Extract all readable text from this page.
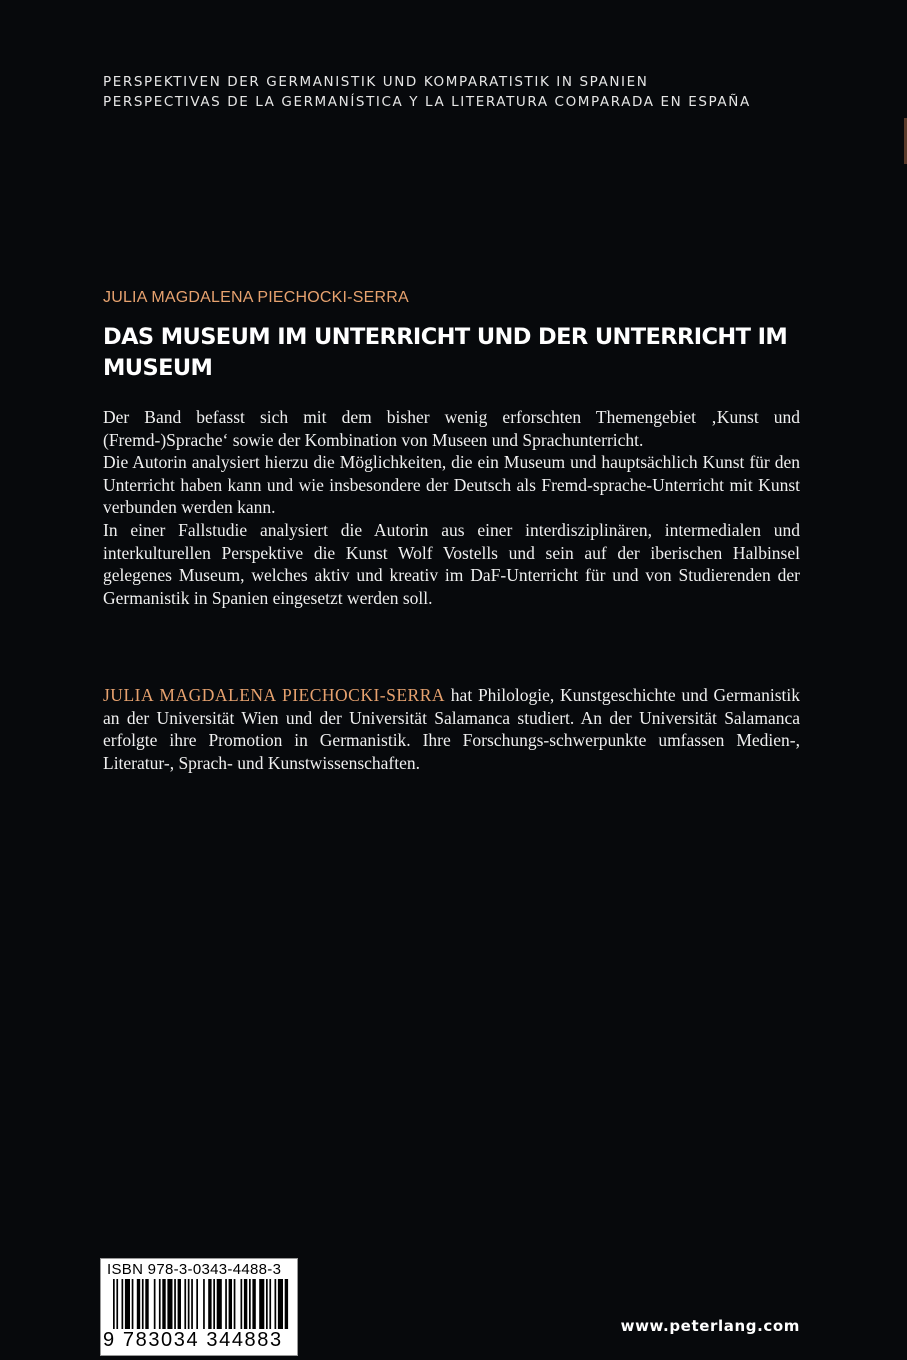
PERSPEKTIVEN DER GERMANISTIK UND KOMPARATISTIK IN SPANIEN
PERSPECTIVAS DE LA GERMANÍSTICA Y LA LITERATURA COMPARADA EN ESPAÑA
JULIA MAGDALENA PIECHOCKI-SERRA
DAS MUSEUM IM UNTERRICHT UND DER UNTERRICHT IM MUSEUM

Der Band befasst sich mit dem bisher wenig erforschten Themengebiet ‚Kunst und (Fremd-)Sprache‘ sowie der Kombination von Museen und Sprachunterricht.

Die Autorin analysiert hierzu die Möglichkeiten, die ein Museum und hauptsächlich Kunst für den Unterricht haben kann und wie insbesondere der Deutsch als Fremd-sprache-Unterricht mit Kunst verbunden werden kann.

In einer Fallstudie analysiert die Autorin aus einer interdisziplinären, intermedialen und interkulturellen Perspektive die Kunst Wolf Vostells und sein auf der iberischen Halbinsel gelegenes Museum, welches aktiv und kreativ im DaF-Unterricht für und von Studierenden der Germanistik in Spanien eingesetzt werden soll.

JULIA MAGDALENA PIECHOCKI-SERRA hat Philologie, Kunstgeschichte und Germanistik an der Universität Wien und der Universität Salamanca studiert. An der Universität Salamanca erfolgte ihre Promotion in Germanistik. Ihre Forschungs-schwerpunkte umfassen Medien-, Literatur-, Sprach- und Kunstwissenschaften.
ISBN 978-3-0343-4488-3
9 783034 344883
www.peterlang.com
